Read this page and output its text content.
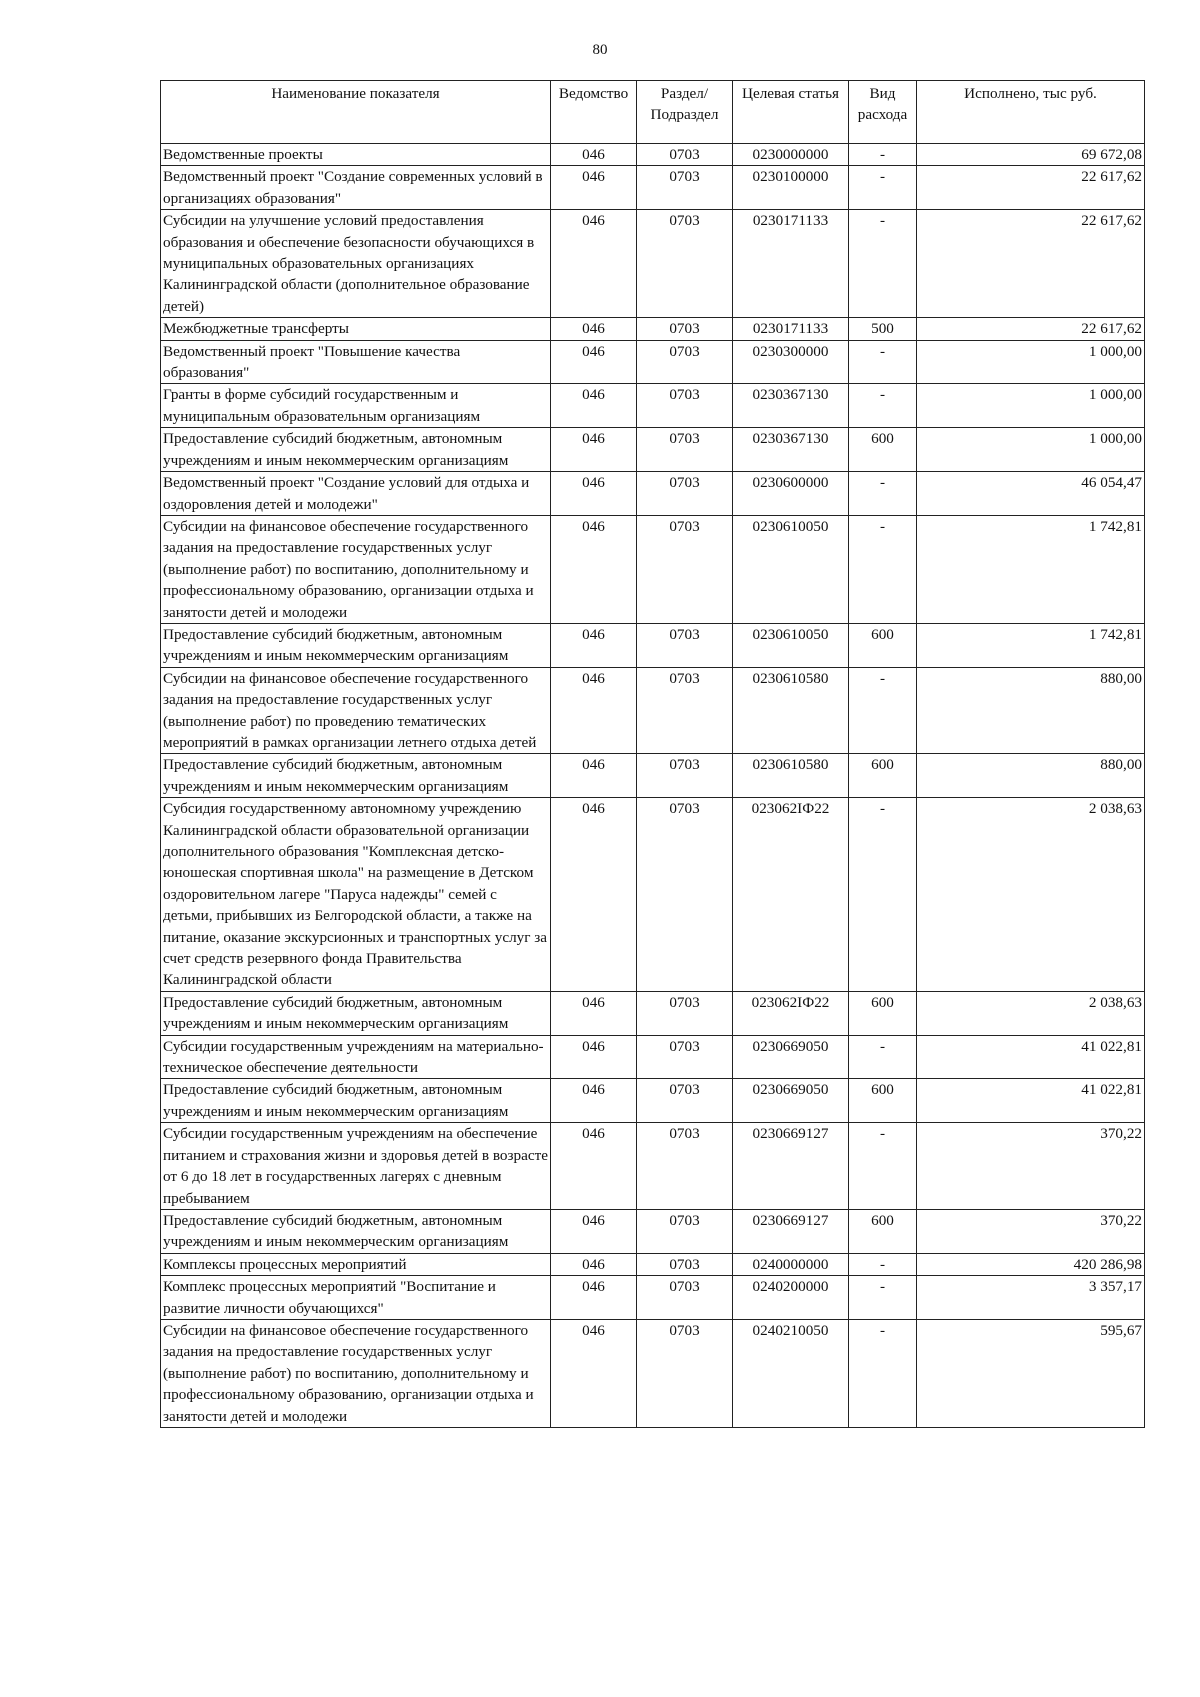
80
Наименование показателя	Ведомство	Раздел/ Подраздел	Целевая статья	Вид расхода	Исполнено, тыс руб.
Ведомственные проекты	046	0703	0230000000	-	69 672,08
Ведомственный проект "Создание современных условий в организациях образования"	046	0703	0230100000	-	22 617,62
Субсидии на улучшение условий предоставления образования и обеспечение безопасности обучающихся в муниципальных образовательных организациях Калининградской области (дополнительное образование детей)	046	0703	0230171133	-	22 617,62
Межбюджетные трансферты	046	0703	0230171133	500	22 617,62
Ведомственный проект "Повышение качества образования"	046	0703	0230300000	-	1 000,00
Гранты в форме субсидий государственным и муниципальным образовательным организациям	046	0703	0230367130	-	1 000,00
Предоставление субсидий бюджетным, автономным учреждениям и иным некоммерческим организациям	046	0703	0230367130	600	1 000,00
Ведомственный проект "Создание условий для отдыха и оздоровления детей и молодежи"	046	0703	0230600000	-	46 054,47
Субсидии на финансовое обеспечение государственного задания на предоставление государственных услуг (выполнение работ) по воспитанию, дополнительному и профессиональному образованию, организации отдыха и занятости детей и молодежи	046	0703	0230610050	-	1 742,81
Предоставление субсидий бюджетным, автономным учреждениям и иным некоммерческим организациям	046	0703	0230610050	600	1 742,81
Субсидии на финансовое обеспечение государственного задания на предоставление государственных услуг (выполнение работ) по проведению тематических мероприятий в рамках организации летнего отдыха детей	046	0703	0230610580	-	880,00
Предоставление субсидий бюджетным, автономным учреждениям и иным некоммерческим организациям	046	0703	0230610580	600	880,00
Субсидия государственному автономному учреждению Калининградской области образовательной организации дополнительного образования "Комплексная детско-юношеская спортивная школа" на размещение в Детском оздоровительном лагере "Паруса надежды" семей с детьми, прибывших из Белгородской области, а также на питание, оказание экскурсионных и транспортных услуг за счет средств резервного фонда Правительства Калининградской области	046	0703	023062IФ22	-	2 038,63
Предоставление субсидий бюджетным, автономным учреждениям и иным некоммерческим организациям	046	0703	023062IФ22	600	2 038,63
Субсидии государственным учреждениям на материально-техническое обеспечение деятельности	046	0703	0230669050	-	41 022,81
Предоставление субсидий бюджетным, автономным учреждениям и иным некоммерческим организациям	046	0703	0230669050	600	41 022,81
Субсидии государственным учреждениям на обеспечение питанием и страхования жизни и здоровья детей в возрасте от 6 до 18 лет в государственных лагерях с дневным пребыванием	046	0703	0230669127	-	370,22
Предоставление субсидий бюджетным, автономным учреждениям и иным некоммерческим организациям	046	0703	0230669127	600	370,22
Комплексы процессных мероприятий	046	0703	0240000000	-	420 286,98
Комплекс процессных мероприятий "Воспитание и развитие личности обучающихся"	046	0703	0240200000	-	3 357,17
Субсидии на финансовое обеспечение государственного задания на предоставление государственных услуг (выполнение работ) по воспитанию, дополнительному и профессиональному образованию, организации отдыха и занятости детей и молодежи	046	0703	0240210050	-	595,67
